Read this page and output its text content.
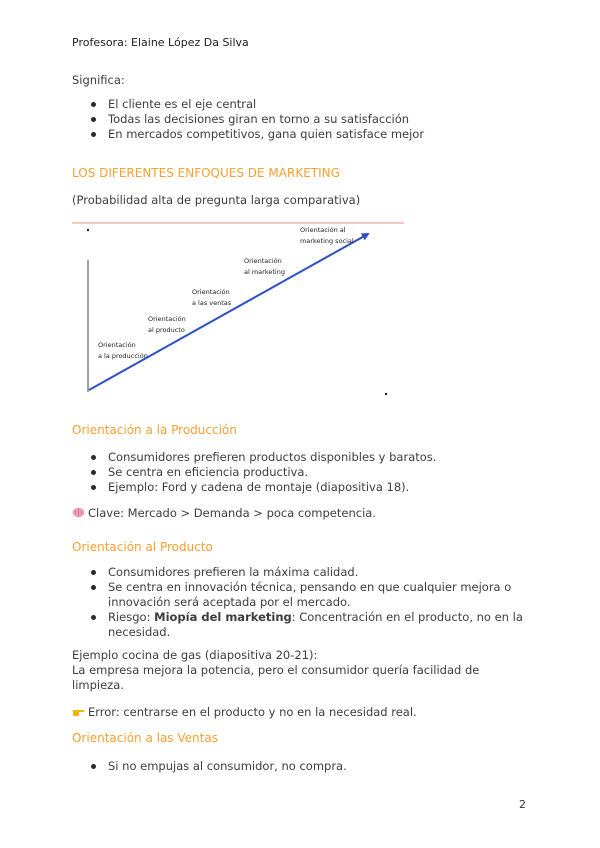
Profesora: Elaine López Da Silva
Significa:
El cliente es el eje central
Todas las decisiones giran en torno a su satisfacción
En mercados competitivos, gana quien satisface mejor
LOS DIFERENTES ENFOQUES DE MARKETING
(Probabilidad alta de pregunta larga comparativa)
Orientación
a la producción
Orientación
al producto
Orientación
a las ventas
Orientación
al marketing
Orientación al
marketing social
Orientación a la Producción
Consumidores prefieren productos disponibles y baratos.
Se centra en eficiencia productiva.
Ejemplo: Ford y cadena de montaje (diapositiva 18).
Clave: Mercado > Demanda > poca competencia.
Orientación al Producto
Consumidores prefieren la máxima calidad.
Se centra en innovación técnica, pensando en que cualquier mejora o
innovación será aceptada por el mercado.
Riesgo: Miopía del marketing: Concentración en el producto, no en la
necesidad.
Ejemplo cocina de gas (diapositiva 20-21):
La empresa mejora la potencia, pero el consumidor quería facilidad de
limpieza.
Error: centrarse en el producto y no en la necesidad real.
Orientación a las Ventas
Si no empujas al consumidor, no compra.
2
